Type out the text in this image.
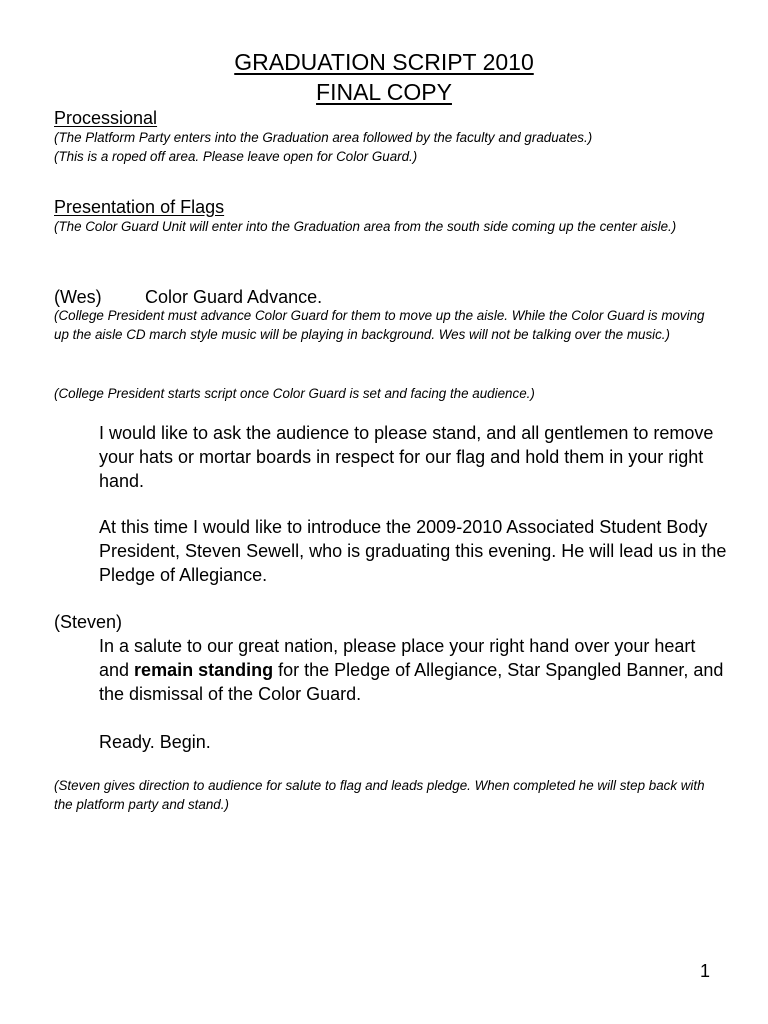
GRADUATION SCRIPT 2010
FINAL COPY
Processional

(The Platform Party enters into the Graduation area followed by the faculty and graduates.)

(This is a roped off area. Please leave open for Color Guard.)

Presentation of Flags

(The Color Guard Unit will enter into the Graduation area from the south side coming up the center aisle.)

(Wes) Color Guard Advance.

(College President must advance Color Guard for them to move up the aisle. While the Color Guard is moving up the aisle CD march style music will be playing in background. Wes will not be talking over the music.)

(College President starts script once Color Guard is set and facing the audience.)

I would like to ask the audience to please stand, and all gentlemen to remove your hats or mortar boards in respect for our flag and hold them in your right hand.

At this time I would like to introduce the 2009-2010 Associated Student Body President, Steven Sewell, who is graduating this evening. He will lead us in the Pledge of Allegiance.

(Steven)

In a salute to our great nation, please place your right hand over your heart and remain standing for the Pledge of Allegiance, Star Spangled Banner, and the dismissal of the Color Guard.

Ready. Begin.

(Steven gives direction to audience for salute to flag and leads pledge. When completed he will step back with the platform party and stand.)

1
